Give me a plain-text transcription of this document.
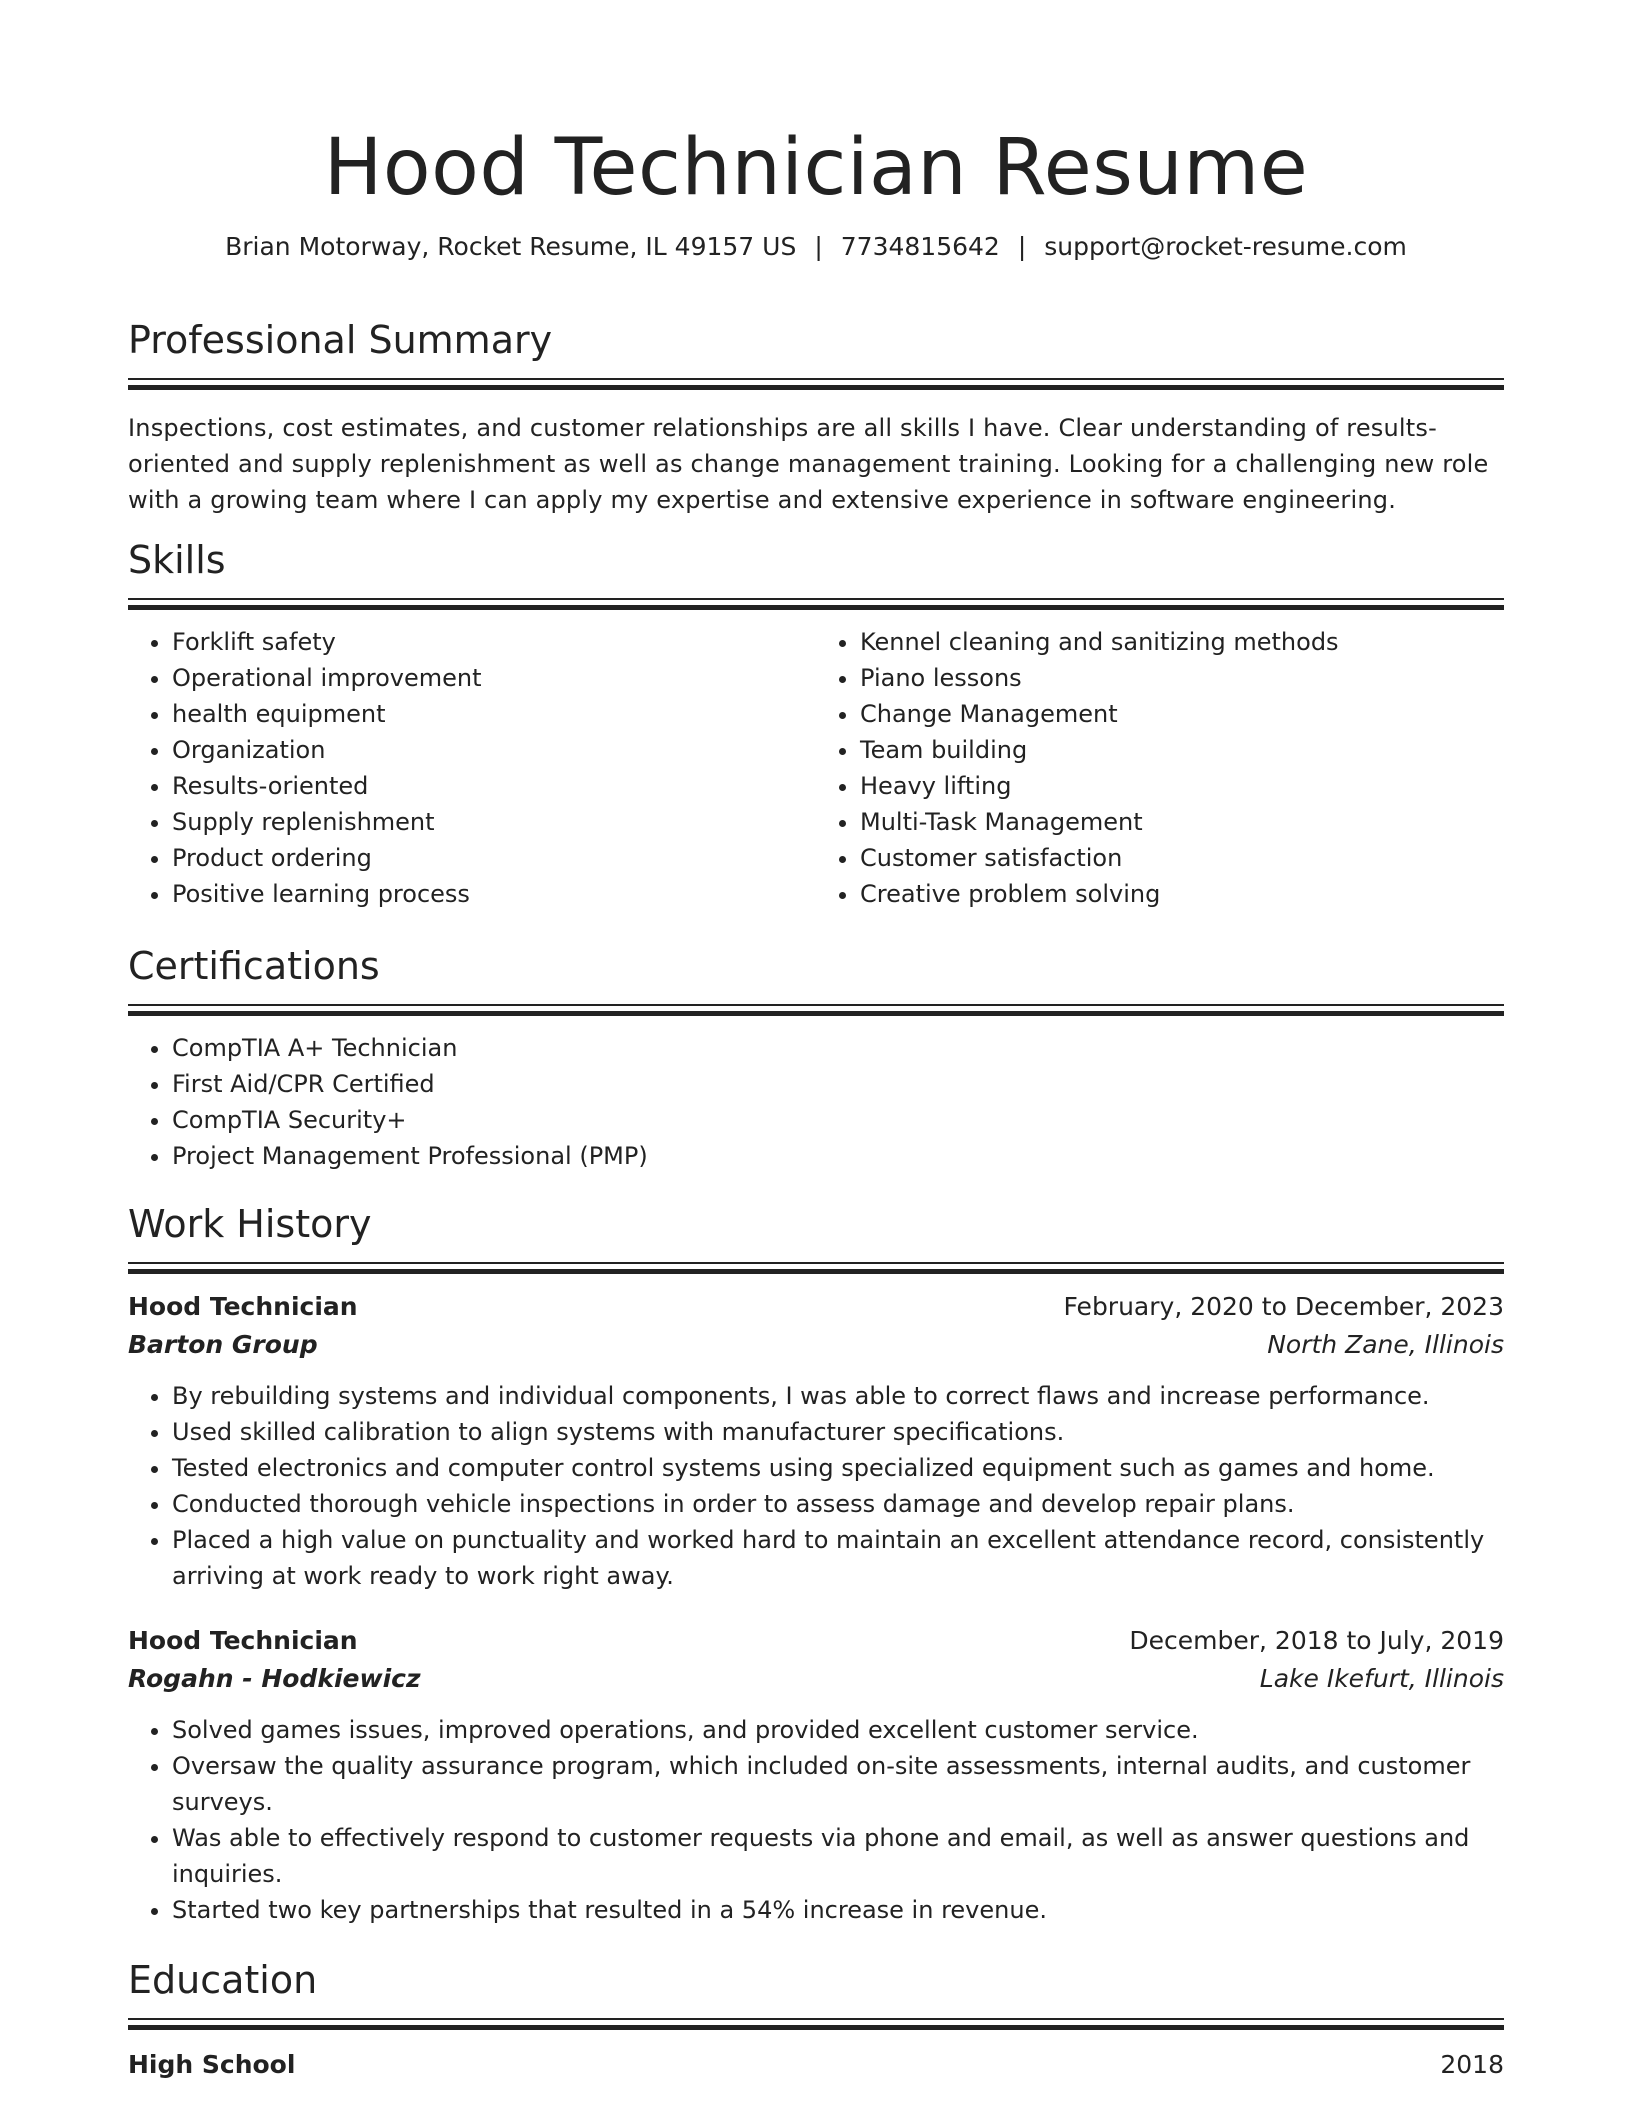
Hood Technician Resume
Brian Motorway, Rocket Resume, IL 49157 US | 7734815642 | support@rocket-resume.com
Professional Summary

Inspections, cost estimates, and customer relationships are all skills I have. Clear understanding of results-oriented and supply replenishment as well as change management training. Looking for a challenging new role with a growing team where I can apply my expertise and extensive experience in software engineering.

Skills
• Forklift safety
• Operational improvement
• health equipment
• Organization
• Results-oriented
• Supply replenishment
• Product ordering
• Positive learning process
• Kennel cleaning and sanitizing methods
• Piano lessons
• Change Management
• Team building
• Heavy lifting
• Multi-Task Management
• Customer satisfaction
• Creative problem solving
Certifications
• CompTIA A+ Technician
• First Aid/CPR Certified
• CompTIA Security+
• Project Management Professional (PMP)
Work History
Hood Technician	February, 2020 to December, 2023
Barton Group	North Zane, Illinois
• By rebuilding systems and individual components, I was able to correct flaws and increase performance.
• Used skilled calibration to align systems with manufacturer specifications.
• Tested electronics and computer control systems using specialized equipment such as games and home.
• Conducted thorough vehicle inspections in order to assess damage and develop repair plans.
• Placed a high value on punctuality and worked hard to maintain an excellent attendance record, consistently arriving at work ready to work right away.
Hood Technician	December, 2018 to July, 2019
Rogahn - Hodkiewicz	Lake Ikefurt, Illinois
• Solved games issues, improved operations, and provided excellent customer service.
• Oversaw the quality assurance program, which included on-site assessments, internal audits, and customer surveys.
• Was able to effectively respond to customer requests via phone and email, as well as answer questions and inquiries.
• Started two key partnerships that resulted in a 54% increase in revenue.
Education
High School	2018
